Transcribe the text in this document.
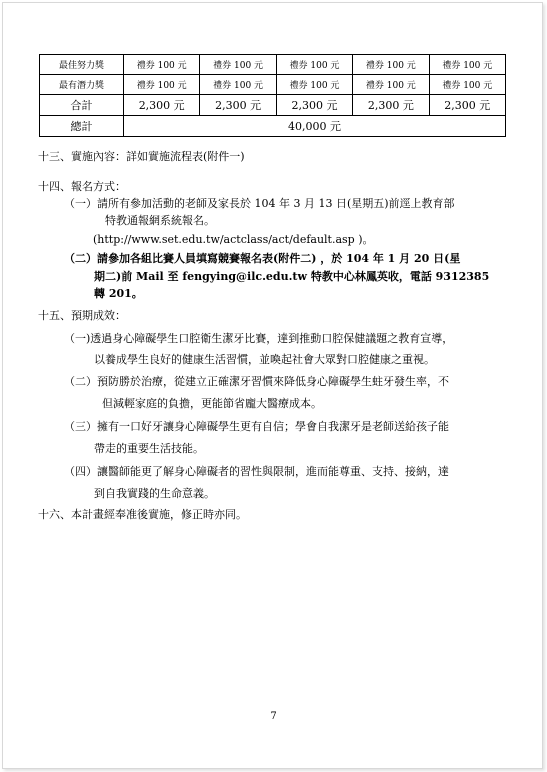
最佳努力獎	禮券 100 元	禮券 100 元	禮券 100 元	禮券 100 元	禮券 100 元
最有潛力獎	禮券 100 元	禮券 100 元	禮券 100 元	禮券 100 元	禮券 100 元
合計	2,300 元	2,300 元	2,300 元	2,300 元	2,300 元
總計	40,000 元				
十三、實施內容：詳如實施流程表(附件一)
十四、報名方式：
（一）請所有參加活動的老師及家長於 104 年 3 月 13 日(星期五)前逕上教育部
特教通報網系統報名。
(http://www.set.edu.tw/actclass/act/default.asp )。
（二）請參加各組比賽人員填寫競賽報名表(附件二) ，於 104 年 1 月 20 日(星
期二)前 Mail 至 fengying@ilc.edu.tw 特教中心林鳳英收，電話 9312385
轉 201。
十五、預期成效：
（一)透過身心障礙學生口腔衛生潔牙比賽，達到推動口腔保健議題之教育宣導，
以養成學生良好的健康生活習慣，並喚起社會大眾對口腔健康之重視。
（二）預防勝於治療，從建立正確潔牙習慣來降低身心障礙學生蛀牙發生率，不
但減輕家庭的負擔，更能節省龐大醫療成本。
（三）擁有一口好牙讓身心障礙學生更有自信；學會自我潔牙是老師送給孩子能
帶走的重要生活技能。
（四）讓醫師能更了解身心障礙者的習性與限制，進而能尊重、支持、接納，達
到自我實踐的生命意義。
十六、本計畫經奉准後實施，修正時亦同。
7
